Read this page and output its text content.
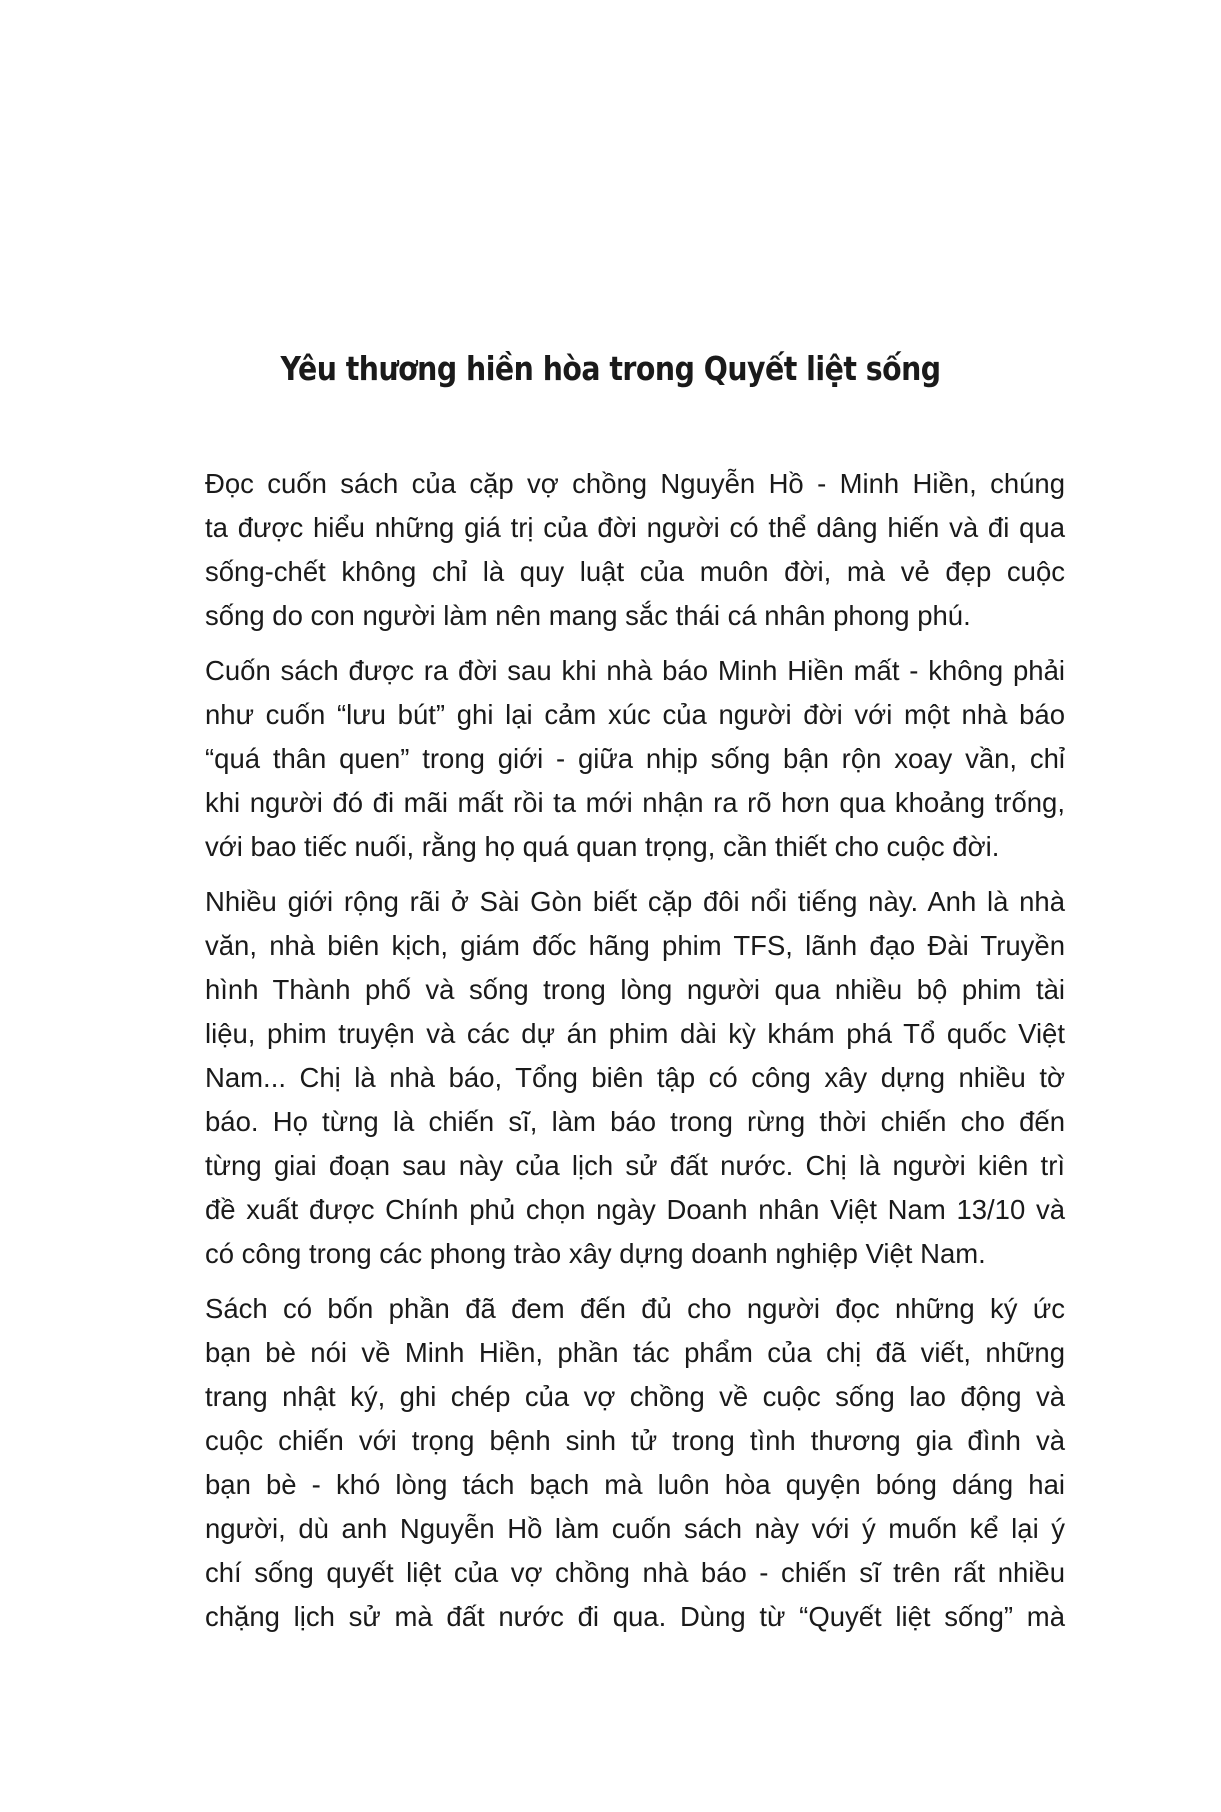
Yêu thương hiền hòa trong Quyết liệt sống
Đọc cuốn sách của cặp vợ chồng Nguyễn Hồ - Minh Hiền, chúng
ta được hiểu những giá trị của đời người có thể dâng hiến và đi qua
sống-chết không chỉ là quy luật của muôn đời, mà vẻ đẹp cuộc
sống do con người làm nên mang sắc thái cá nhân phong phú.
Cuốn sách được ra đời sau khi nhà báo Minh Hiền mất - không phải
như cuốn “lưu bút” ghi lại cảm xúc của người đời với một nhà báo
“quá thân quen” trong giới - giữa nhịp sống bận rộn xoay vần, chỉ
khi người đó đi mãi mất rồi ta mới nhận ra rõ hơn qua khoảng trống,
với bao tiếc nuối, rằng họ quá quan trọng, cần thiết cho cuộc đời.
Nhiều giới rộng rãi ở Sài Gòn biết cặp đôi nổi tiếng này. Anh là nhà
văn, nhà biên kịch, giám đốc hãng phim TFS, lãnh đạo Đài Truyền
hình Thành phố và sống trong lòng người qua nhiều bộ phim tài
liệu, phim truyện và các dự án phim dài kỳ khám phá Tổ quốc Việt
Nam... Chị là nhà báo, Tổng biên tập có công xây dựng nhiều tờ
báo. Họ từng là chiến sĩ, làm báo trong rừng thời chiến cho đến
từng giai đoạn sau này của lịch sử đất nước. Chị là người kiên trì
đề xuất được Chính phủ chọn ngày Doanh nhân Việt Nam 13/10 và
có công trong các phong trào xây dựng doanh nghiệp Việt Nam.
Sách có bốn phần đã đem đến đủ cho người đọc những ký ức
bạn bè nói về Minh Hiền, phần tác phẩm của chị đã viết, những
trang nhật ký, ghi chép của vợ chồng về cuộc sống lao động và
cuộc chiến với trọng bệnh sinh tử trong tình thương gia đình và
bạn bè - khó lòng tách bạch mà luôn hòa quyện bóng dáng hai
người, dù anh Nguyễn Hồ làm cuốn sách này với ý muốn kể lại ý
chí sống quyết liệt của vợ chồng nhà báo - chiến sĩ trên rất nhiều
chặng lịch sử mà đất nước đi qua. Dùng từ “Quyết liệt sống” mà
